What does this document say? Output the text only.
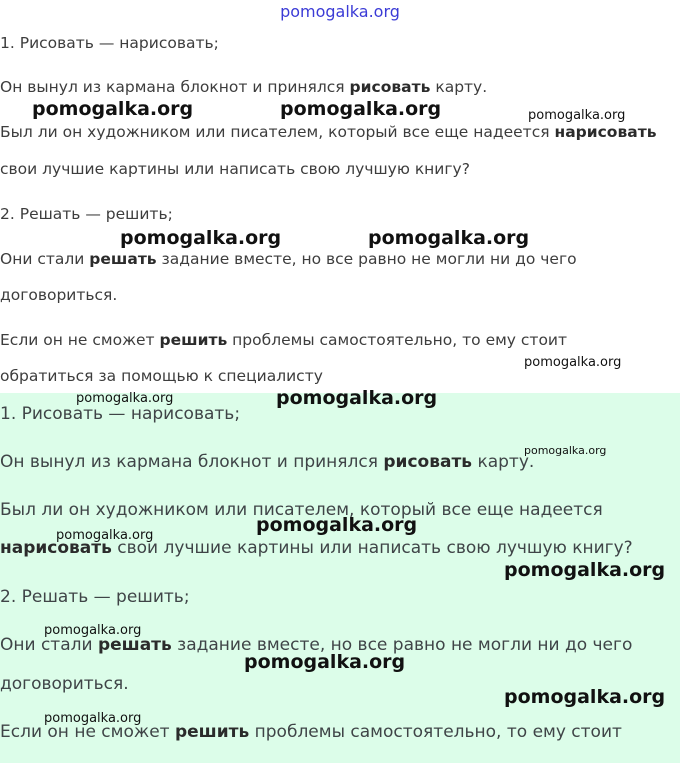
pomogalka.org
1. Рисовать — нарисовать;
Он вынул из кармана блокнот и принялся рисовать карту.
Был ли он художником или писателем, который все еще надеется нарисовать
свои лучшие картины или написать свою лучшую книгу?
2. Решать — решить;
Они стали решать задание вместе, но все равно не могли ни до чего
договориться.
Если он не сможет решить проблемы самостоятельно, то ему стоит
обратиться за помощью к специалисту
1. Рисовать — нарисовать;
Он вынул из кармана блокнот и принялся рисовать карту.
Был ли он художником или писателем, который все еще надеется
нарисовать свои лучшие картины или написать свою лучшую книгу?
2. Решать — решить;
Они стали решать задание вместе, но все равно не могли ни до чего
договориться.
Если он не сможет решить проблемы самостоятельно, то ему стоит
pomogalka.org	pomogalka.org	pomogalka.org
pomogalka.org	pomogalka.org
pomogalka.org
pomogalka.org	pomogalka.org
pomogalka.org
pomogalka.org	pomogalka.org
pomogalka.org
pomogalka.org
pomogalka.org
pomogalka.org
pomogalka.org
